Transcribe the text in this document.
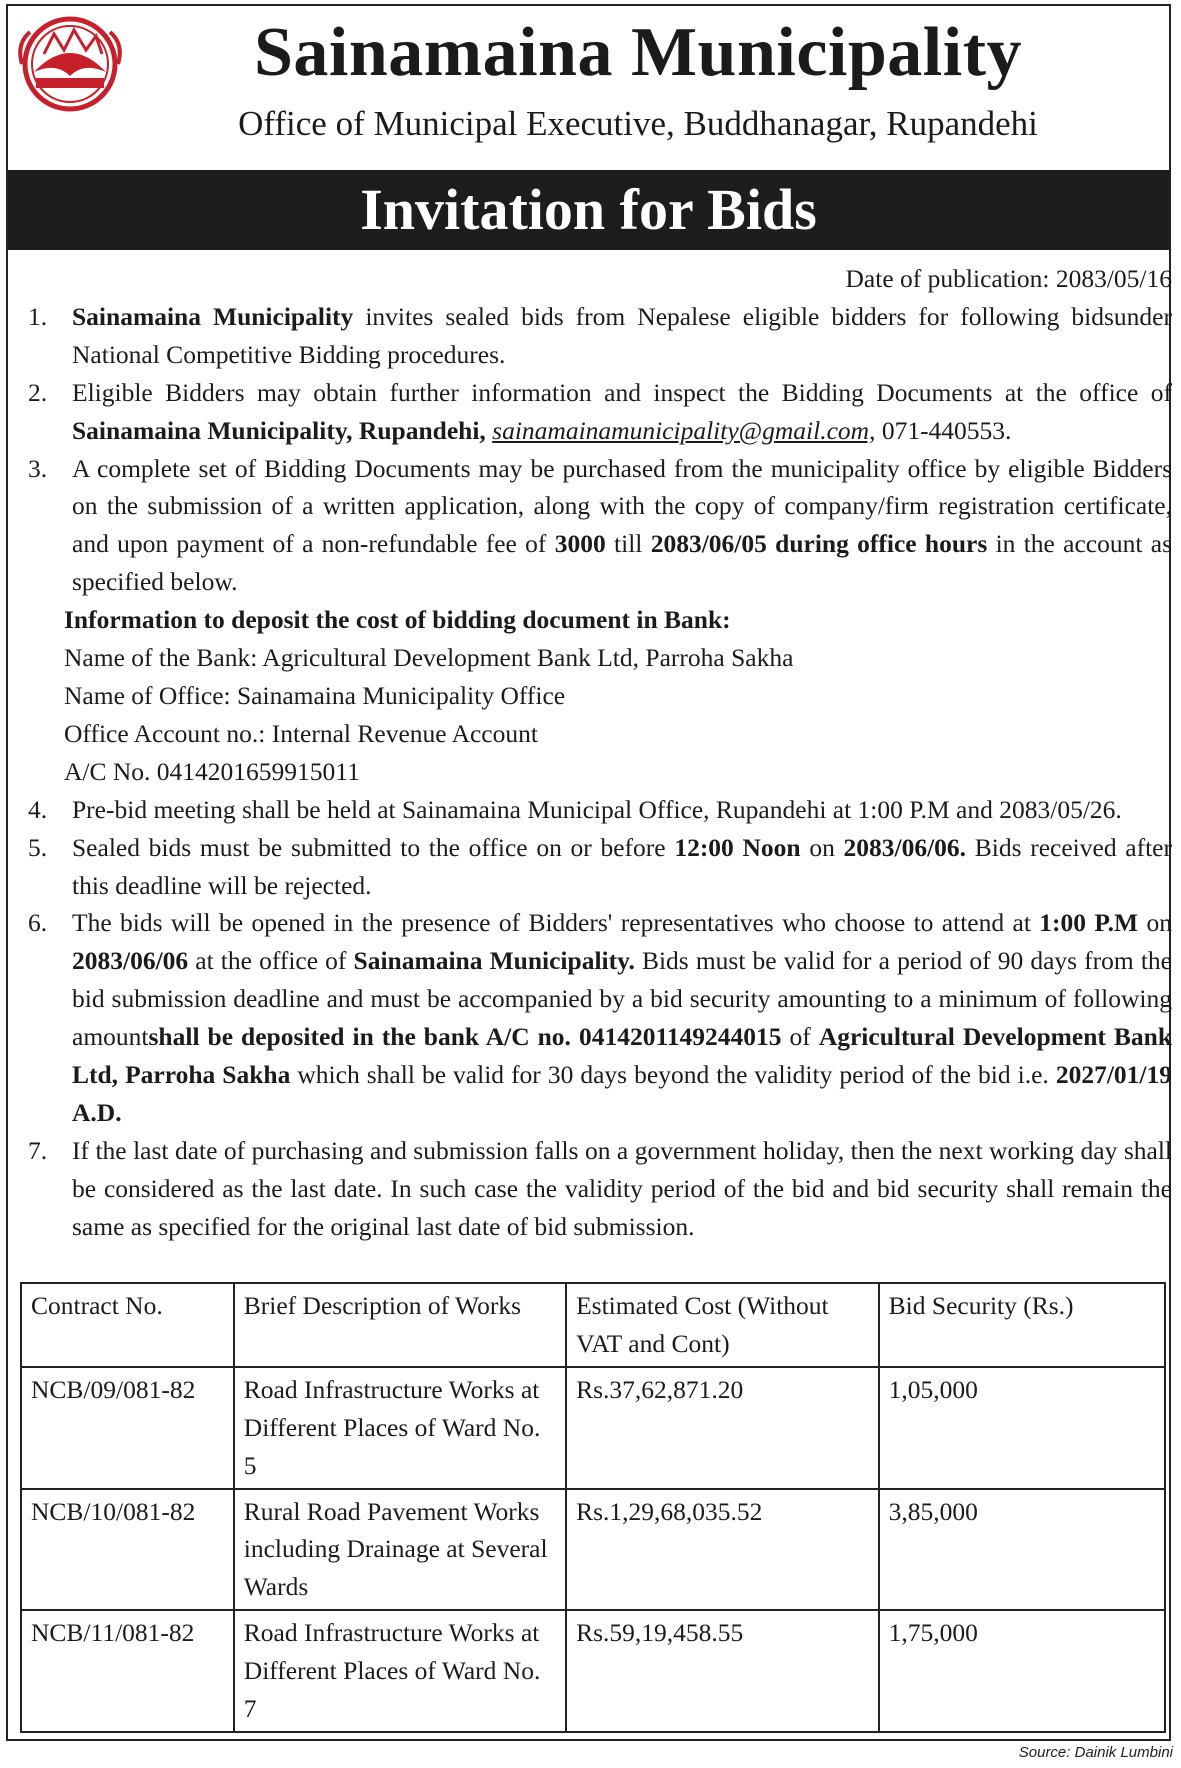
Sainamaina Municipality
Office of Municipal Executive, Buddhanagar, Rupandehi
Invitation for Bids
Date of publication: 2083/05/16
1. Sainamaina Municipality invites sealed bids from Nepalese eligible bidders for following bidsunder National Competitive Bidding procedures.
2. Eligible Bidders may obtain further information and inspect the Bidding Documents at the office of Sainamaina Municipality, Rupandehi, sainamainamunicipality@gmail.com, 071-440553.
3. A complete set of Bidding Documents may be purchased from the municipality office by eligible Bidders on the submission of a written application, along with the copy of company/firm registration certificate, and upon payment of a non-refundable fee of 3000 till 2083/06/05 during office hours in the account as specified below.
Information to deposit the cost of bidding document in Bank:
Name of the Bank: Agricultural Development Bank Ltd, Parroha Sakha
Name of Office: Sainamaina Municipality Office
Office Account no.: Internal Revenue Account
A/C No. 0414201659915011
4. Pre-bid meeting shall be held at Sainamaina Municipal Office, Rupandehi at 1:00 P.M and 2083/05/26.
5. Sealed bids must be submitted to the office on or before 12:00 Noon on 2083/06/06. Bids received after this deadline will be rejected.
6. The bids will be opened in the presence of Bidders' representatives who choose to attend at 1:00 P.M on 2083/06/06 at the office of Sainamaina Municipality. Bids must be valid for a period of 90 days from the bid submission deadline and must be accompanied by a bid security amounting to a minimum of following amountshall be deposited in the bank A/C no. 0414201149244015 of Agricultural Development Bank Ltd, Parroha Sakha which shall be valid for 30 days beyond the validity period of the bid i.e. 2027/01/19 A.D.
7. If the last date of purchasing and submission falls on a government holiday, then the next working day shall be considered as the last date. In such case the validity period of the bid and bid security shall remain the same as specified for the original last date of bid submission.
Contract No.	Brief Description of Works	Estimated Cost (Without VAT and Cont)	Bid Security (Rs.)
NCB/09/081-82	Road Infrastructure Works at Different Places of Ward No. 5	Rs.37,62,871.20	1,05,000
NCB/10/081-82	Rural Road Pavement Works including Drainage at Several Wards	Rs.1,29,68,035.52	3,85,000
NCB/11/081-82	Road Infrastructure Works at Different Places of Ward No. 7	Rs.59,19,458.55	1,75,000
Source: Dainik Lumbini
